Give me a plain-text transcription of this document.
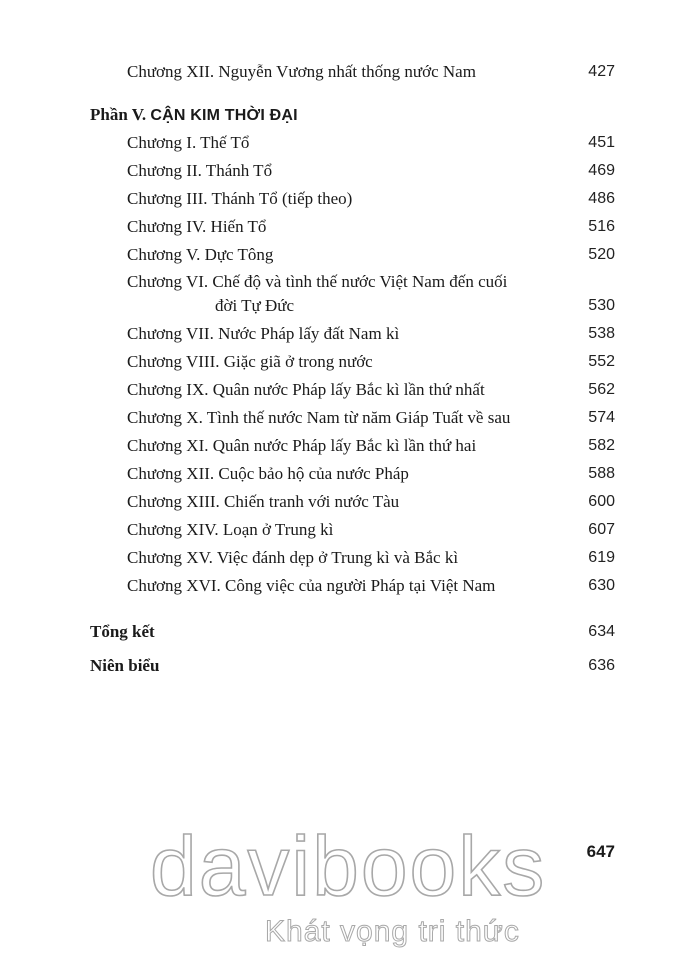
Chương XII. Nguyễn Vương nhất thống nước Nam	427
Phần V. CẬN KIM THỜI ĐẠI
Chương I. Thế Tổ	451
Chương II. Thánh Tổ	469
Chương III. Thánh Tổ (tiếp theo)	486
Chương IV. Hiến Tổ	516
Chương V. Dực Tông	520
Chương VI. Chế độ và tình thế nước Việt Nam đến cuối
đời Tự Đức	530
Chương VII. Nước Pháp lấy đất Nam kì	538
Chương VIII. Giặc giã ở trong nước	552
Chương IX. Quân nước Pháp lấy Bắc kì lần thứ nhất	562
Chương X. Tình thế nước Nam từ năm Giáp Tuất về sau	574
Chương XI. Quân nước Pháp lấy Bắc kì lần thứ hai	582
Chương XII. Cuộc bảo hộ của nước Pháp	588
Chương XIII. Chiến tranh với nước Tàu	600
Chương XIV. Loạn ở Trung kì	607
Chương XV. Việc đánh dẹp ở Trung kì và Bắc kì	619
Chương XVI. Công việc của người Pháp tại Việt Nam	630
Tổng kết	634
Niên biểu	636
647
davibooks
Khát vọng tri thức
